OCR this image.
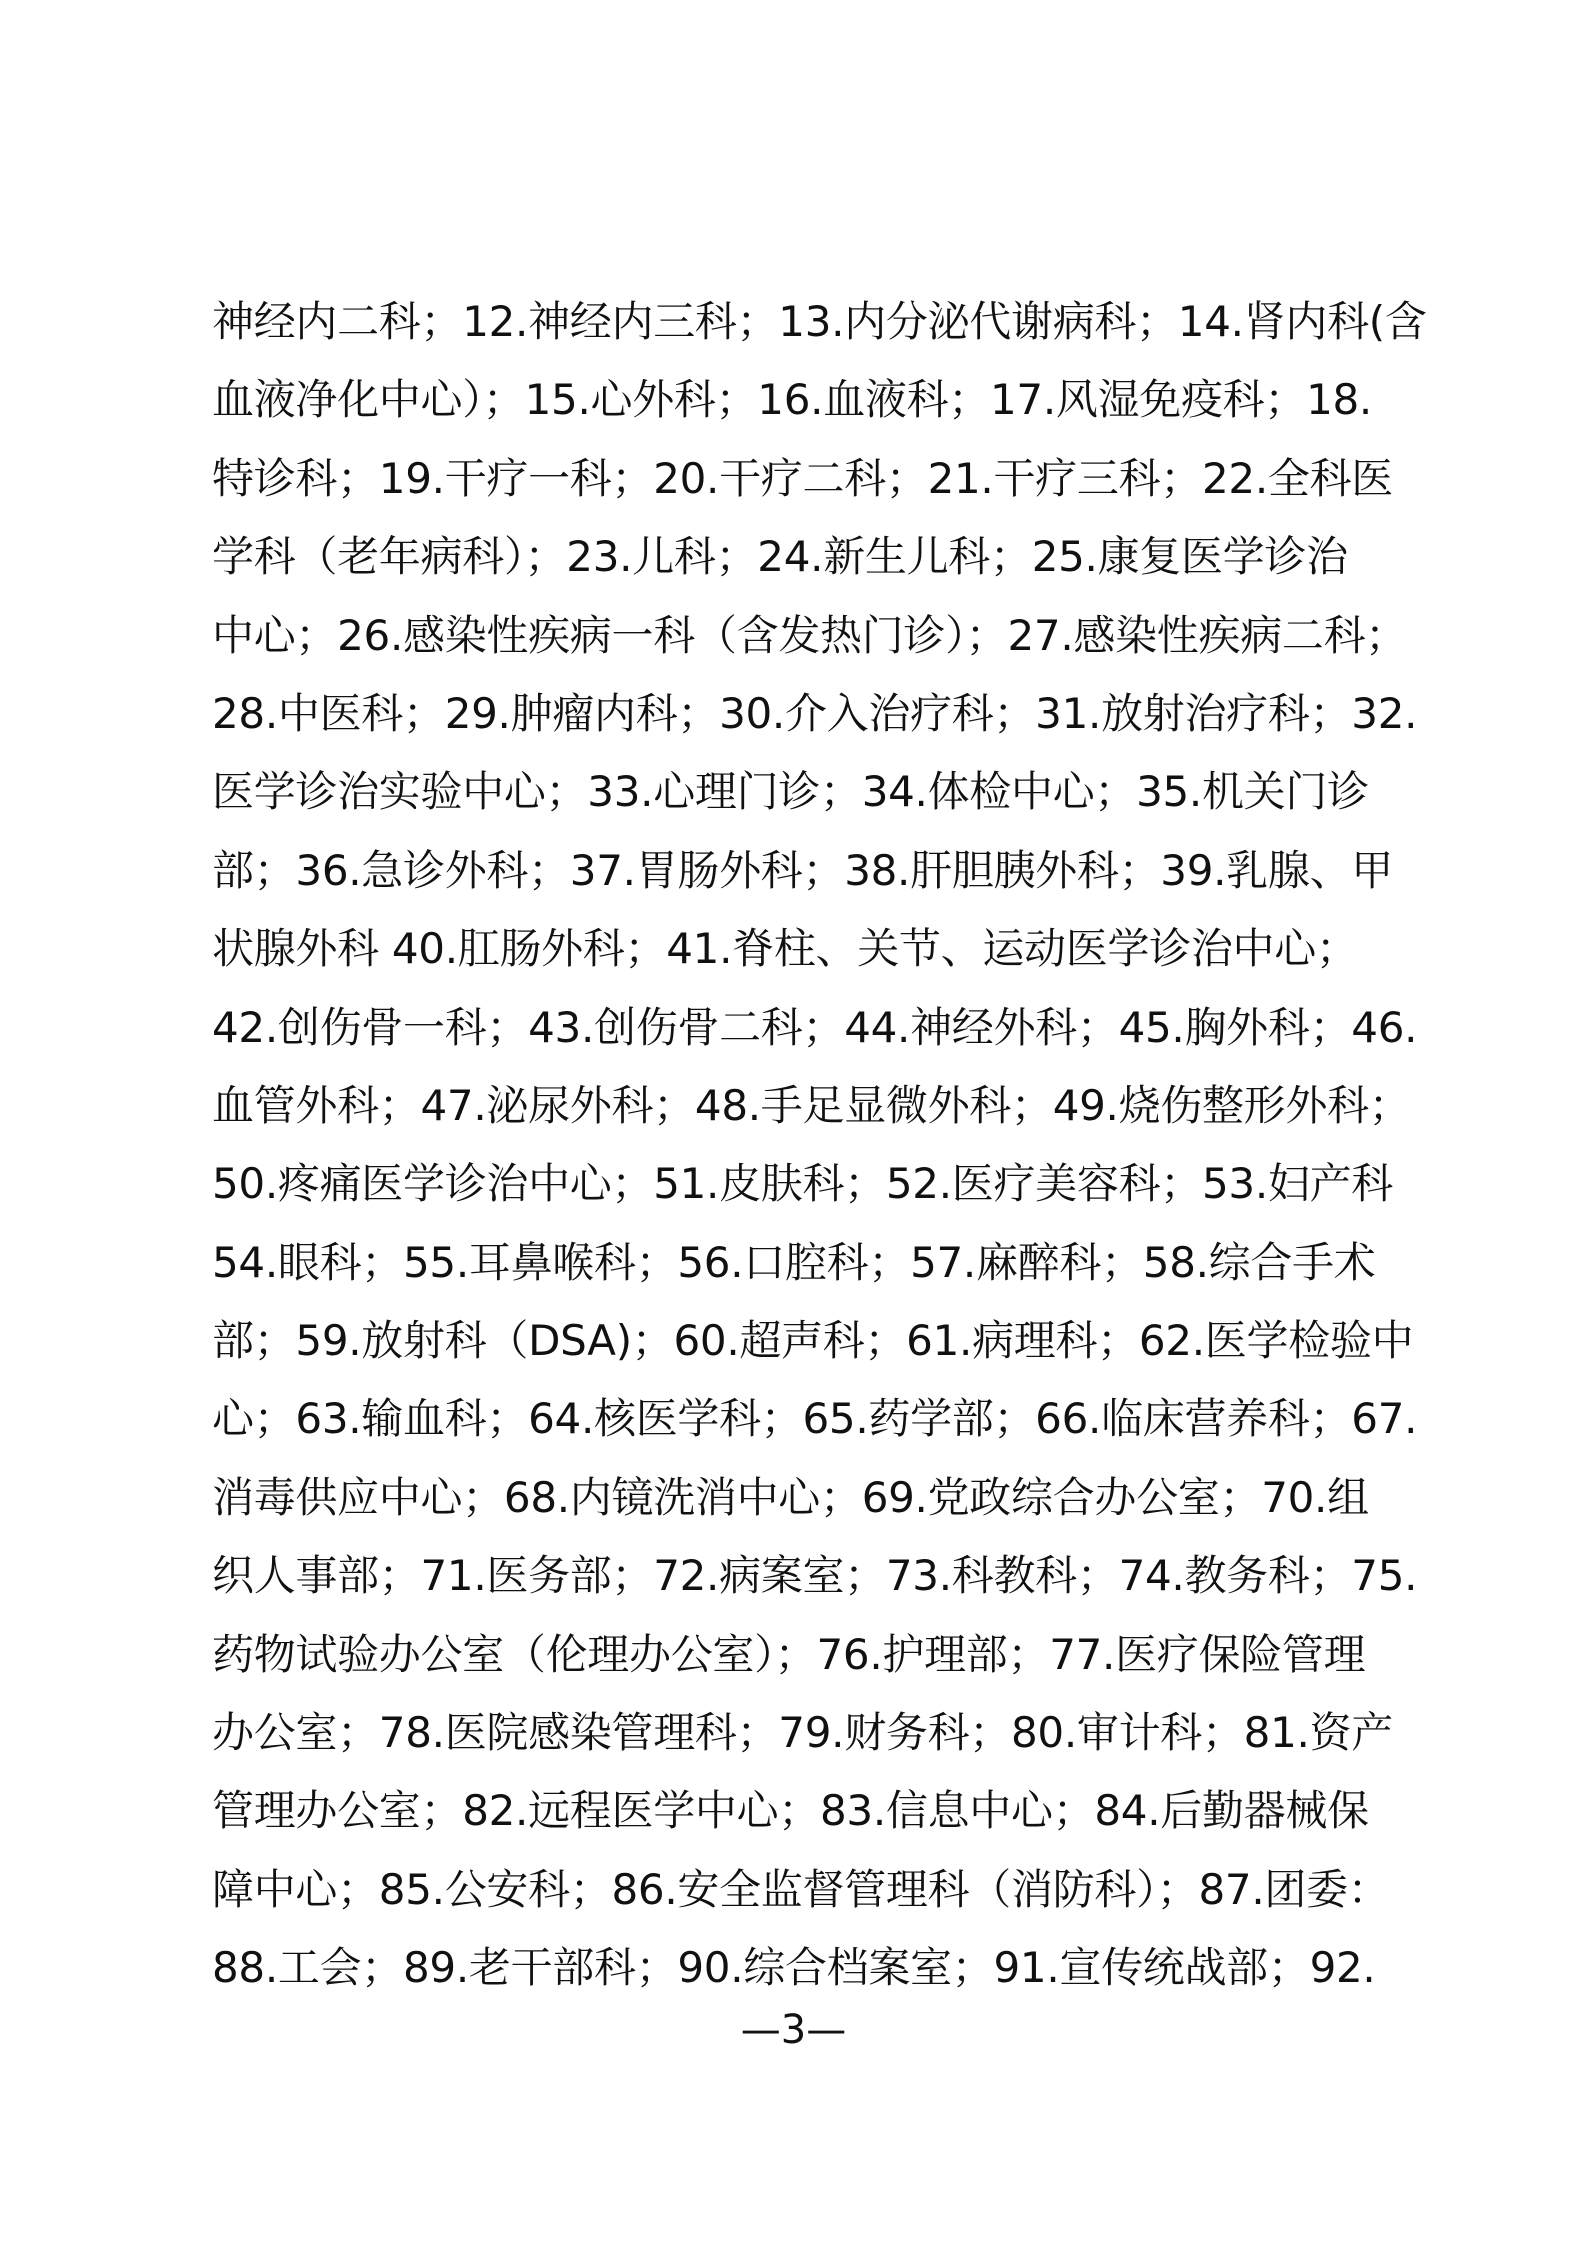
神经内二科；12.神经内三科；13.内分泌代谢病科；14.肾内科(含
血液净化中心）；15.心外科；16.血液科；17.风湿免疫科；18.
特诊科；19.干疗一科；20.干疗二科；21.干疗三科；22.全科医
学科（老年病科）；23.儿科；24.新生儿科；25.康复医学诊治
中心；26.感染性疾病一科（含发热门诊）；27.感染性疾病二科；
28.中医科；29.肿瘤内科；30.介入治疗科；31.放射治疗科；32.
医学诊治实验中心；33.心理门诊；34.体检中心；35.机关门诊
部；36.急诊外科；37.胃肠外科；38.肝胆胰外科；39.乳腺、甲
状腺外科 40.肛肠外科；41.脊柱、关节、运动医学诊治中心；
42.创伤骨一科；43.创伤骨二科；44.神经外科；45.胸外科；46.
血管外科；47.泌尿外科；48.手足显微外科；49.烧伤整形外科；
50.疼痛医学诊治中心；51.皮肤科；52.医疗美容科；53.妇产科
54.眼科；55.耳鼻喉科；56.口腔科；57.麻醉科；58.综合手术
部；59.放射科（DSA)；60.超声科；61.病理科；62.医学检验中
心；63.输血科；64.核医学科；65.药学部；66.临床营养科；67.
消毒供应中心；68.内镜洗消中心；69.党政综合办公室；70.组
织人事部；71.医务部；72.病案室；73.科教科；74.教务科；75.
药物试验办公室（伦理办公室）；76.护理部；77.医疗保险管理
办公室；78.医院感染管理科；79.财务科；80.审计科；81.资产
管理办公室；82.远程医学中心；83.信息中心；84.后勤器械保
障中心；85.公安科；86.安全监督管理科（消防科）；87.团委：
88.工会；89.老干部科；90.综合档案室；91.宣传统战部；92.
—3—
